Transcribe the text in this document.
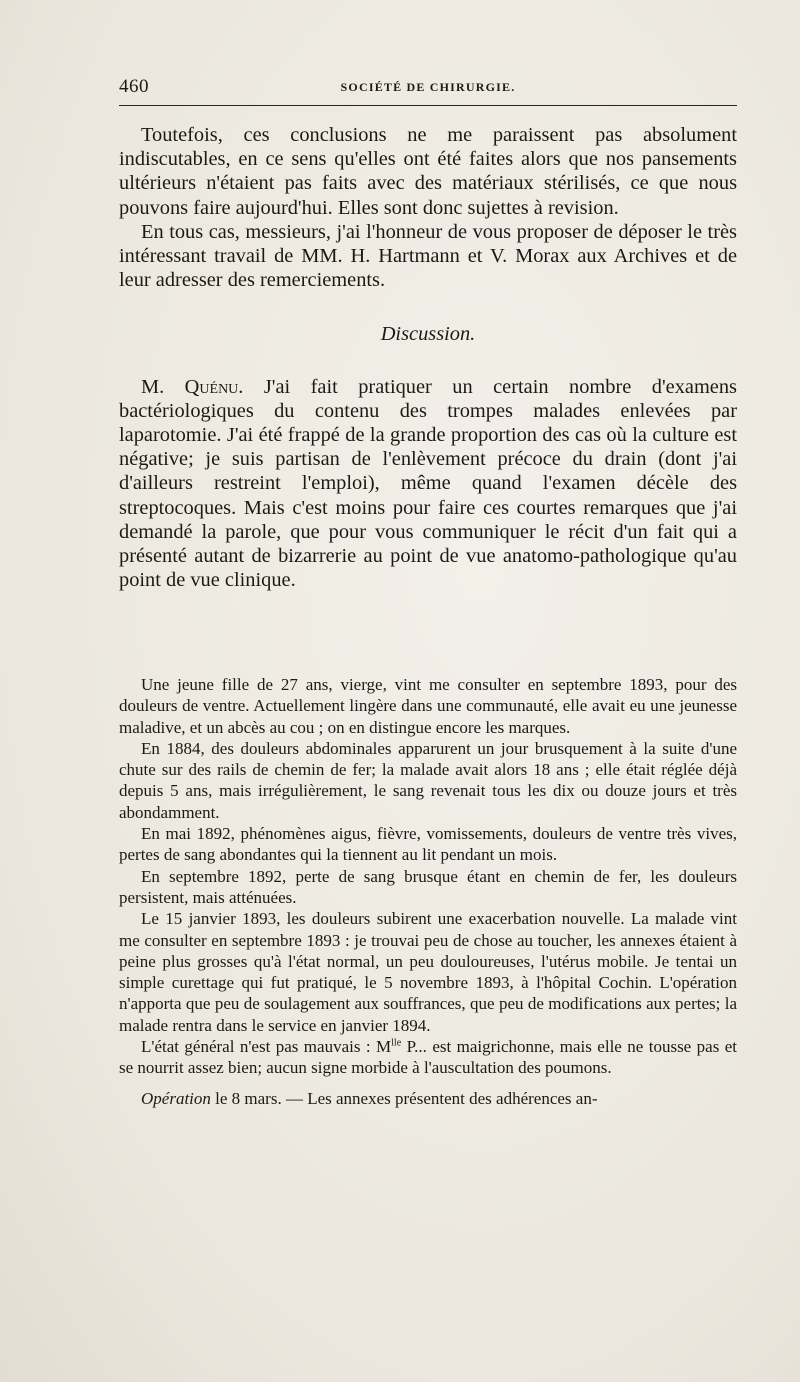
460	SOCIÉTÉ DE CHIRURGIE.

Toutefois, ces conclusions ne me paraissent pas absolument indiscutables, en ce sens qu'elles ont été faites alors que nos pansements ultérieurs n'étaient pas faits avec des matériaux stérilisés, ce que nous pouvons faire aujourd'hui. Elles sont donc sujettes à revision.

En tous cas, messieurs, j'ai l'honneur de vous proposer de déposer le très intéressant travail de MM. H. Hartmann et V. Morax aux Archives et de leur adresser des remerciements.

Discussion.

M. Quénu. J'ai fait pratiquer un certain nombre d'examens bactériologiques du contenu des trompes malades enlevées par laparotomie. J'ai été frappé de la grande proportion des cas où la culture est négative; je suis partisan de l'enlèvement précoce du drain (dont j'ai d'ailleurs restreint l'emploi), même quand l'examen décèle des streptocoques. Mais c'est moins pour faire ces courtes remarques que j'ai demandé la parole, que pour vous communiquer le récit d'un fait qui a présenté autant de bizarrerie au point de vue anatomo-pathologique qu'au point de vue clinique.

Une jeune fille de 27 ans, vierge, vint me consulter en septembre 1893, pour des douleurs de ventre. Actuellement lingère dans une communauté, elle avait eu une jeunesse maladive, et un abcès au cou ; on en distingue encore les marques.

En 1884, des douleurs abdominales apparurent un jour brusquement à la suite d'une chute sur des rails de chemin de fer; la malade avait alors 18 ans ; elle était réglée déjà depuis 5 ans, mais irrégulièrement, le sang revenait tous les dix ou douze jours et très abondamment.

En mai 1892, phénomènes aigus, fièvre, vomissements, douleurs de ventre très vives, pertes de sang abondantes qui la tiennent au lit pendant un mois.

En septembre 1892, perte de sang brusque étant en chemin de fer, les douleurs persistent, mais atténuées.

Le 15 janvier 1893, les douleurs subirent une exacerbation nouvelle. La malade vint me consulter en septembre 1893 : je trouvai peu de chose au toucher, les annexes étaient à peine plus grosses qu'à l'état normal, un peu douloureuses, l'utérus mobile. Je tentai un simple curettage qui fut pratiqué, le 5 novembre 1893, à l'hôpital Cochin. L'opération n'apporta que peu de soulagement aux souffrances, que peu de modifications aux pertes; la malade rentra dans le service en janvier 1894.

L'état général n'est pas mauvais : $M^{lle}$ P... est maigrichonne, mais elle ne tousse pas et se nourrit assez bien; aucun signe morbide à l'auscultation des poumons.

Opération le 8 mars. — Les annexes présentent des adhérences an-
